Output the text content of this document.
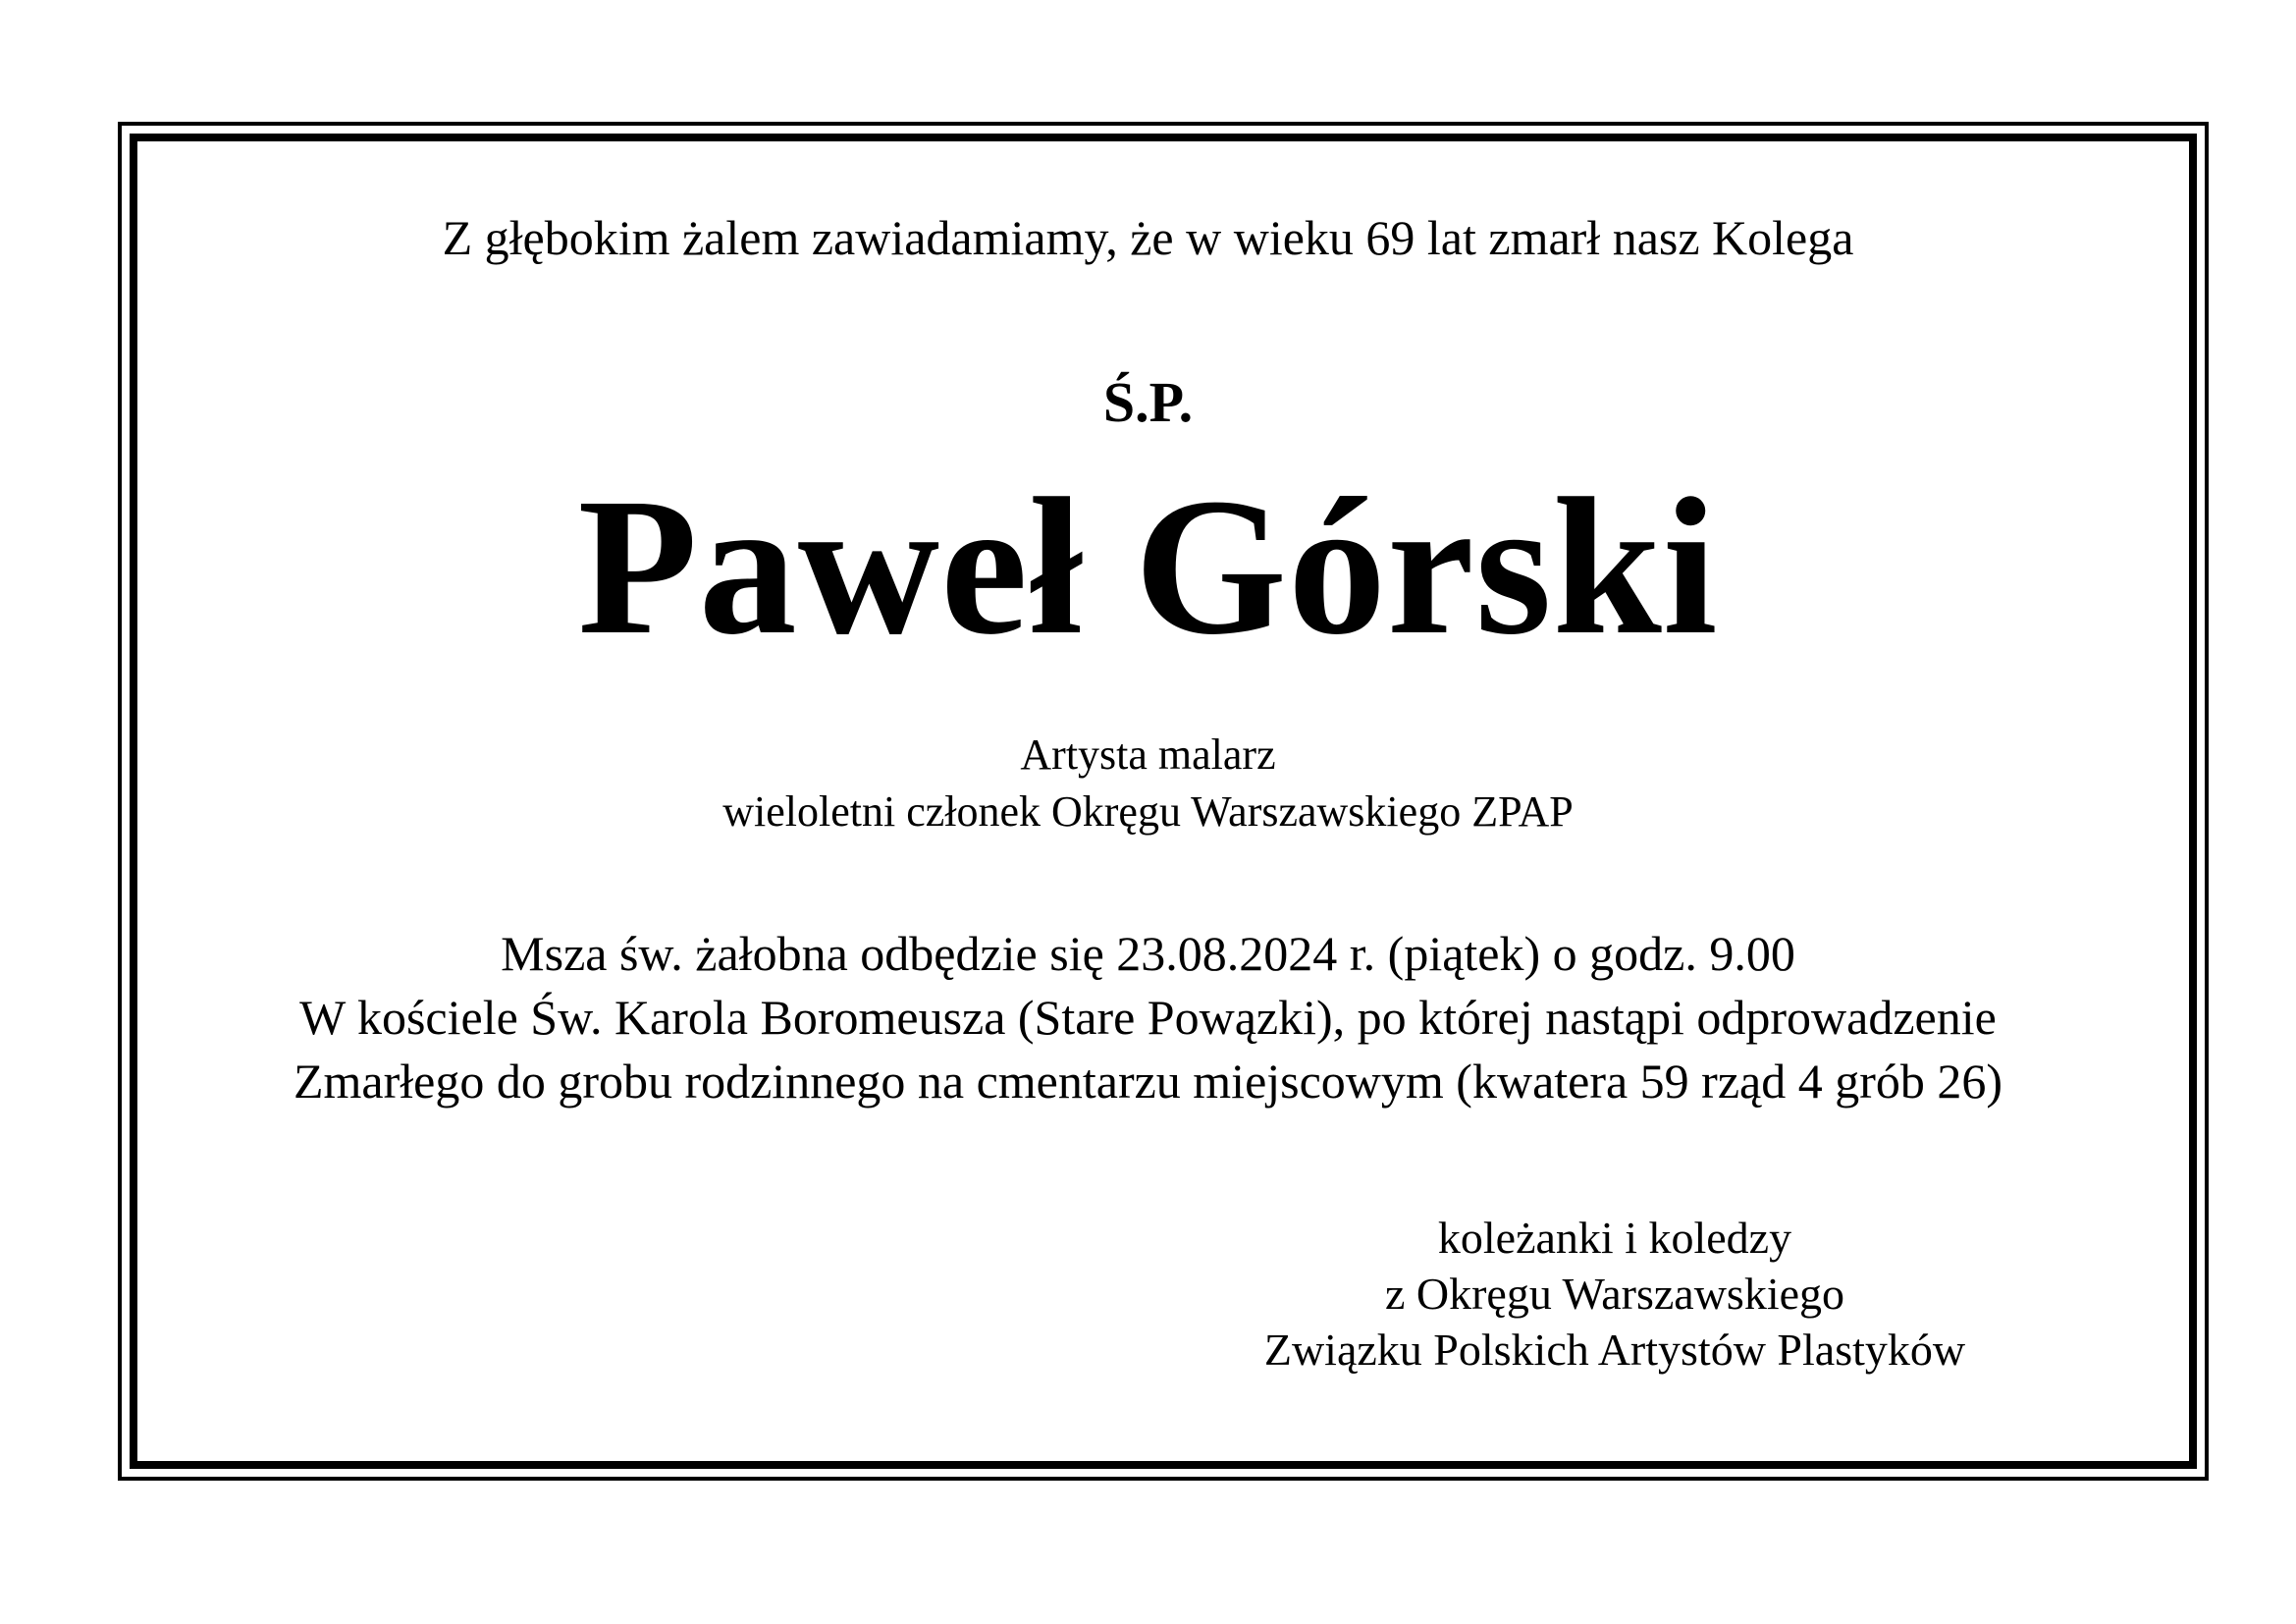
Z głębokim żalem zawiadamiamy, że w wieku 69 lat zmarł nasz Kolega
Ś.P.
Paweł Górski
Artysta malarz
wieloletni członek Okręgu Warszawskiego ZPAP
Msza św. żałobna odbędzie się 23.08.2024 r. (piątek) o godz. 9.00
W kościele Św. Karola Boromeusza (Stare Powązki), po której nastąpi odprowadzenie
Zmarłego do grobu rodzinnego na cmentarzu miejscowym (kwatera 59 rząd 4 grób 26)
koleżanki i koledzy
z Okręgu Warszawskiego
Związku Polskich Artystów Plastyków
